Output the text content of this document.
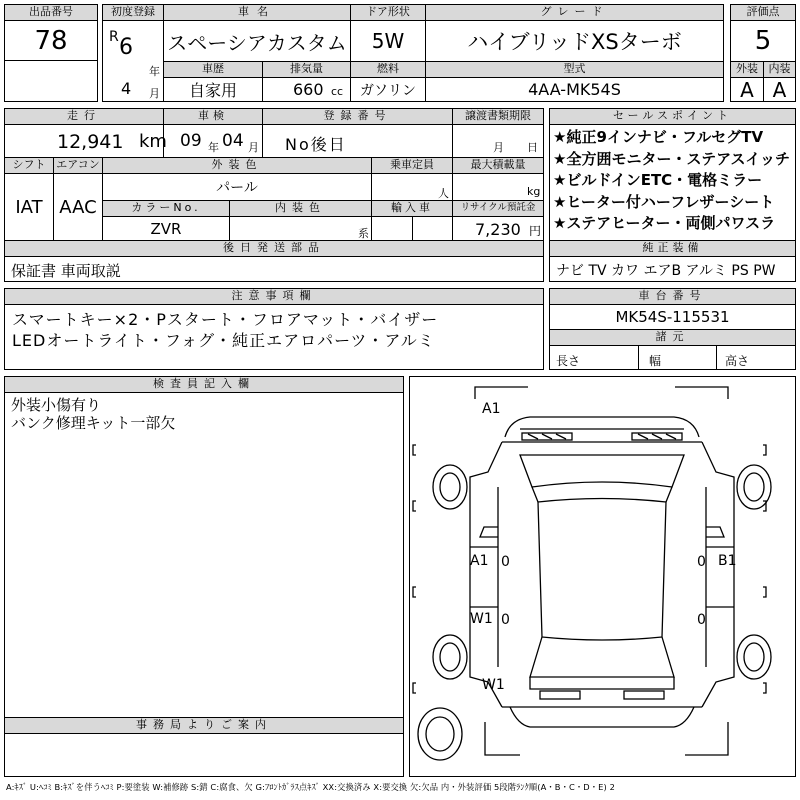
出品番号
78
初度登録
R 6
年
4 月
車名
スペーシアカスタム
ドア形状
5W
グレード
ハイブリッドXSターボ
評価点
5
車歴
自家用
排気量
660 cc
燃料
ガソリン
型式
4AA-MK54S
外装 内装
A A
走行
12,941 km
車検
09 年 04 月
登録番号
No後日
譲渡書類期限
月 日
シフト
IAT
エアコン
AAC
外装色
パール
乗車定員
人
最大積載量
kg
カラーNo.
ZVR
内装色
系
輸入車	リサイクル預託金
7,230 円
後日発送部品
保証書 車両取説
セールスポイント
★純正9インナビ・フルセグTV
★全方囲モニター・ステアスイッチ
★ビルドインETC・電格ミラー
★ヒーター付ハーフレザーシート
★ステアヒーター・両側パワスラ
純正装備
ナビ TV カワ エアB アルミ PS PW
注意事項欄
スマートキー×2・Pスタート・フロアマット・バイザー
LEDオートライト・フォグ・純正エアロパーツ・アルミ
車台番号
MK54S-115531
諸元
長さ	幅	高さ
検査員記入欄
外装小傷有り
バンク修理キット一部欠
事務局よりご案内
A1
A1	B1
W1
W1
0	0
0	0
A:ｷｽﾞ U:ﾍｺﾐ B:ｷｽﾞを伴うﾍｺﾐ P:要塗装 W:補修跡 S:錆 C:腐食、欠 G:ﾌﾛﾝﾄｶﾞﾗｽ点ｷｽﾞ XX:交換済み X:要交換 欠:欠品 内・外装評価 5段階ﾗﾝｸ順(A・B・C・D・E) 2
